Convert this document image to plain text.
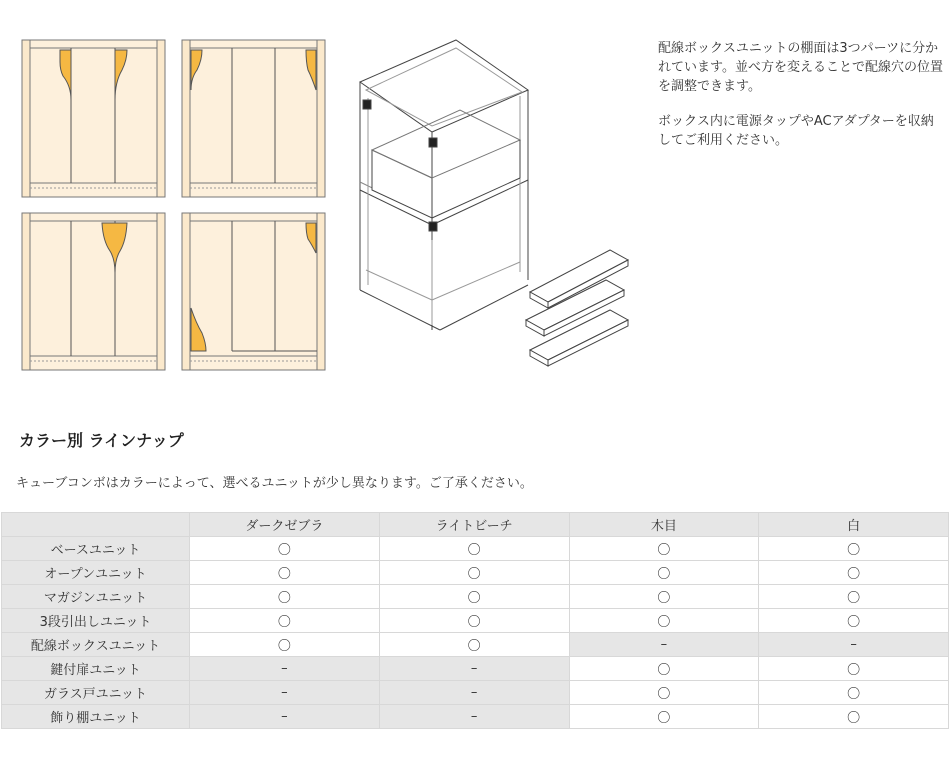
配線ボックスユニットの棚面は3つパーツに分かれています。並べ方を変えることで配線穴の位置を調整できます。

ボックス内に電源タップやACアダプターを収納してご利用ください。

カラー別 ラインナップ

キューブコンボはカラーによって、選べるユニットが少し異なります。ご了承ください。

	ダークゼブラ	ライトビーチ	木目	白
ベースユニット	〇	〇	〇	〇
オープンユニット	〇	〇	〇	〇
マガジンユニット	〇	〇	〇	〇
3段引出しユニット	〇	〇	〇	〇
配線ボックスユニット	〇	〇	–	–
鍵付扉ユニット	–	–	〇	〇
ガラス戸ユニット	–	–	〇	〇
飾り棚ユニット	–	–	〇	〇
